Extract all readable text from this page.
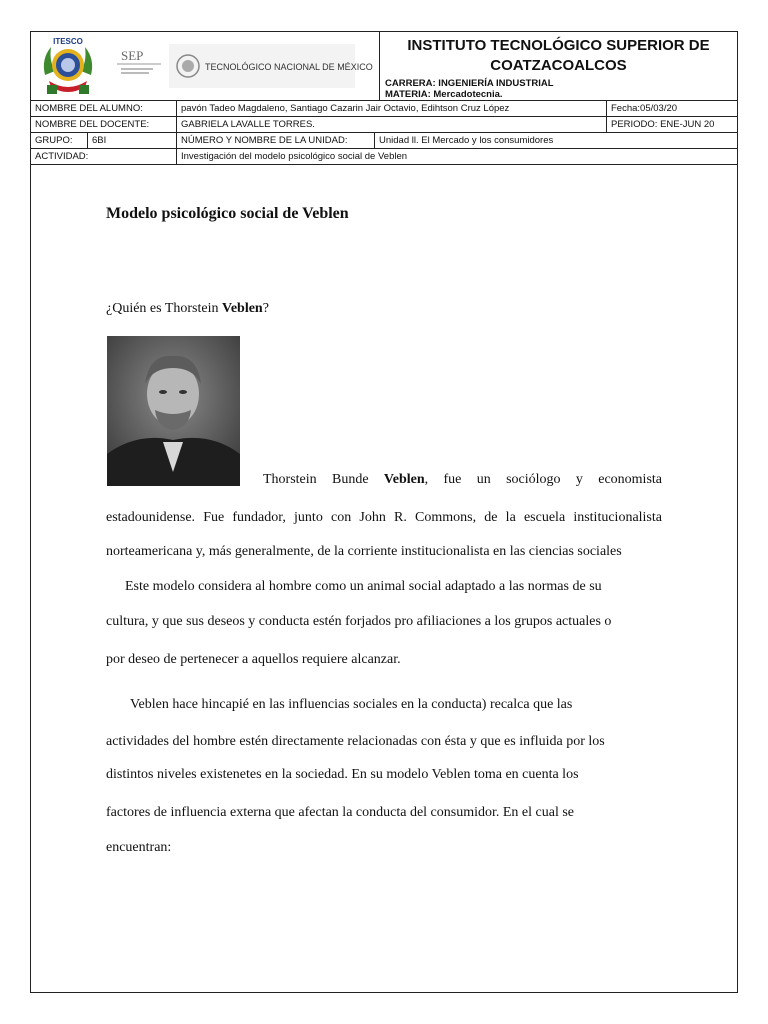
ITESCO
SEP
TECNOLÓGICO NACIONAL DE MÉXICO
INSTITUTO TECNOLÓGICO SUPERIOR DE
COATZACOALCOS
CARRERA: INGENIERÍA INDUSTRIAL
MATERIA: Mercadotecnia.
NOMBRE DEL ALUMNO:	pavón Tadeo Magdaleno, Santiago Cazarin Jair Octavio, Edihtson Cruz López	Fecha:05/03/20
NOMBRE DEL DOCENTE:	GABRIELA LAVALLE TORRES.	PERIODO: ENE-JUN 20
GRUPO:	6BI	NÚMERO Y NOMBRE DE LA UNIDAD:	Unidad ll. El Mercado y los consumidores
ACTIVIDAD:	Investigación del modelo psicológico social de Veblen
Modelo psicológico social de Veblen
¿Quién es Thorstein Veblen?
Thorstein Bunde Veblen, fue un sociólogo y economista
estadounidense. Fue fundador, junto con John R. Commons, de la escuela institucionalista
norteamericana y, más generalmente, de la corriente institucionalista en las ciencias sociales
Este modelo considera al hombre como un animal social adaptado a las normas de su
cultura, y que sus deseos y conducta estén forjados pro afiliaciones a los grupos actuales o
por deseo de pertenecer a aquellos requiere alcanzar.
Veblen hace hincapié en las influencias sociales en la conducta) recalca que las
actividades del hombre estén directamente relacionadas con ésta y que es influida por los
distintos niveles existenetes en la sociedad. En su modelo Veblen toma en cuenta los
factores de influencia externa que afectan la conducta del consumidor. En el cual se
encuentran:
